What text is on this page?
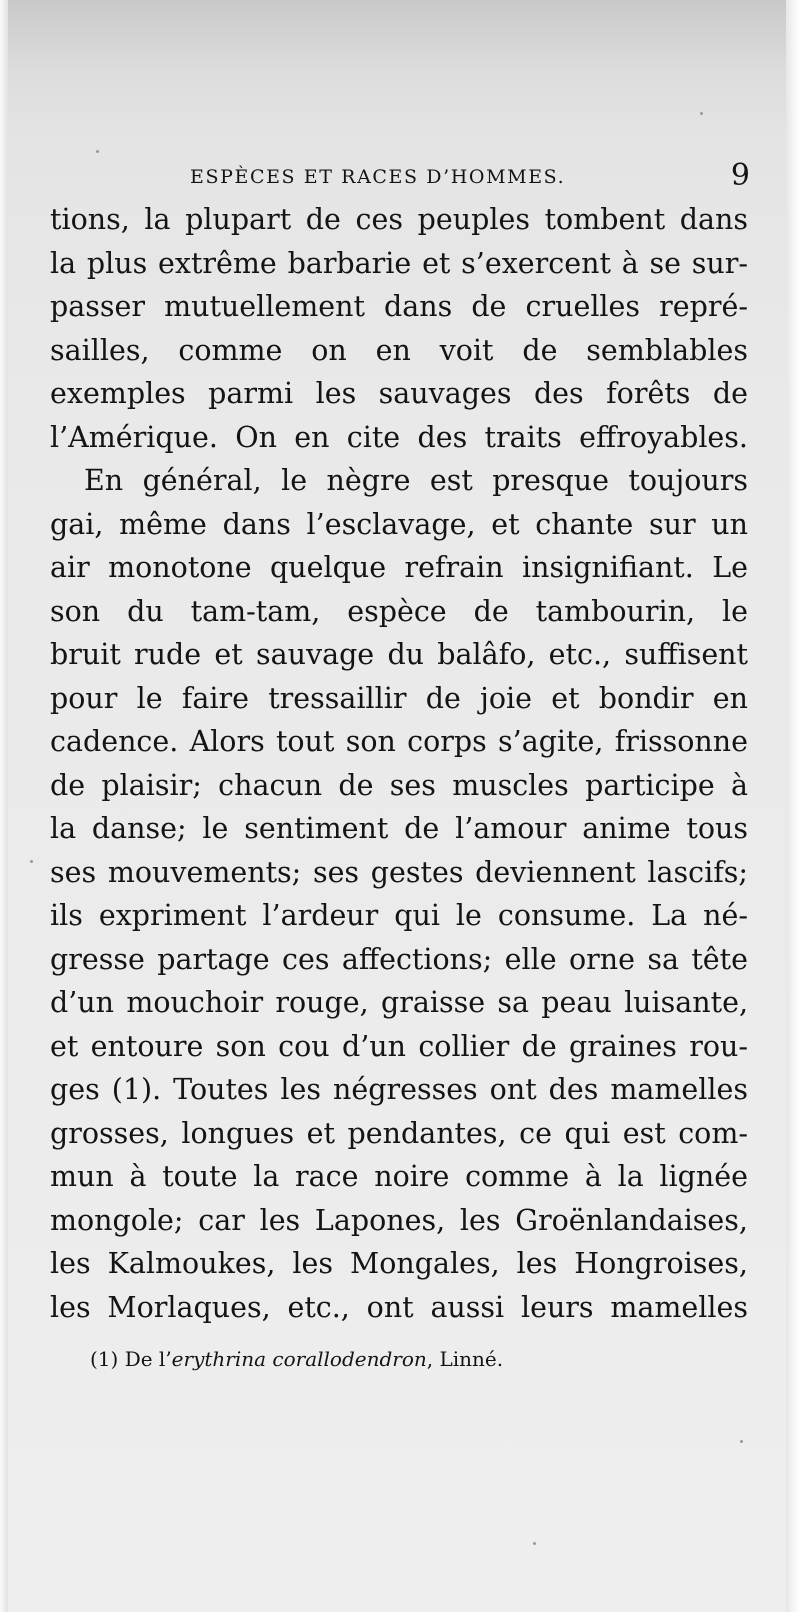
ESPÈCES ET RACES D’HOMMES.	9
tions, la plupart de ces peuples tombent dans
la plus extrême barbarie et s’exercent à se sur-
passer mutuellement dans de cruelles repré-
sailles, comme on en voit de semblables
exemples parmi les sauvages des forêts de
l’Amérique. On en cite des traits effroyables.
En général, le nègre est presque toujours
gai, même dans l’esclavage, et chante sur un
air monotone quelque refrain insignifiant. Le
son du tam-tam, espèce de tambourin, le
bruit rude et sauvage du balâfo, etc., suffisent
pour le faire tressaillir de joie et bondir en
cadence. Alors tout son corps s’agite, frissonne
de plaisir; chacun de ses muscles participe à
la danse; le sentiment de l’amour anime tous
ses mouvements; ses gestes deviennent lascifs;
ils expriment l’ardeur qui le consume. La né-
gresse partage ces affections; elle orne sa tête
d’un mouchoir rouge, graisse sa peau luisante,
et entoure son cou d’un collier de graines rou-
ges (1). Toutes les négresses ont des mamelles
grosses, longues et pendantes, ce qui est com-
mun à toute la race noire comme à la lignée
mongole; car les Lapones, les Groënlandaises,
les Kalmoukes, les Mongales, les Hongroises,
les Morlaques, etc., ont aussi leurs mamelles
(1) De l’erythrina corallodendron, Linné.
